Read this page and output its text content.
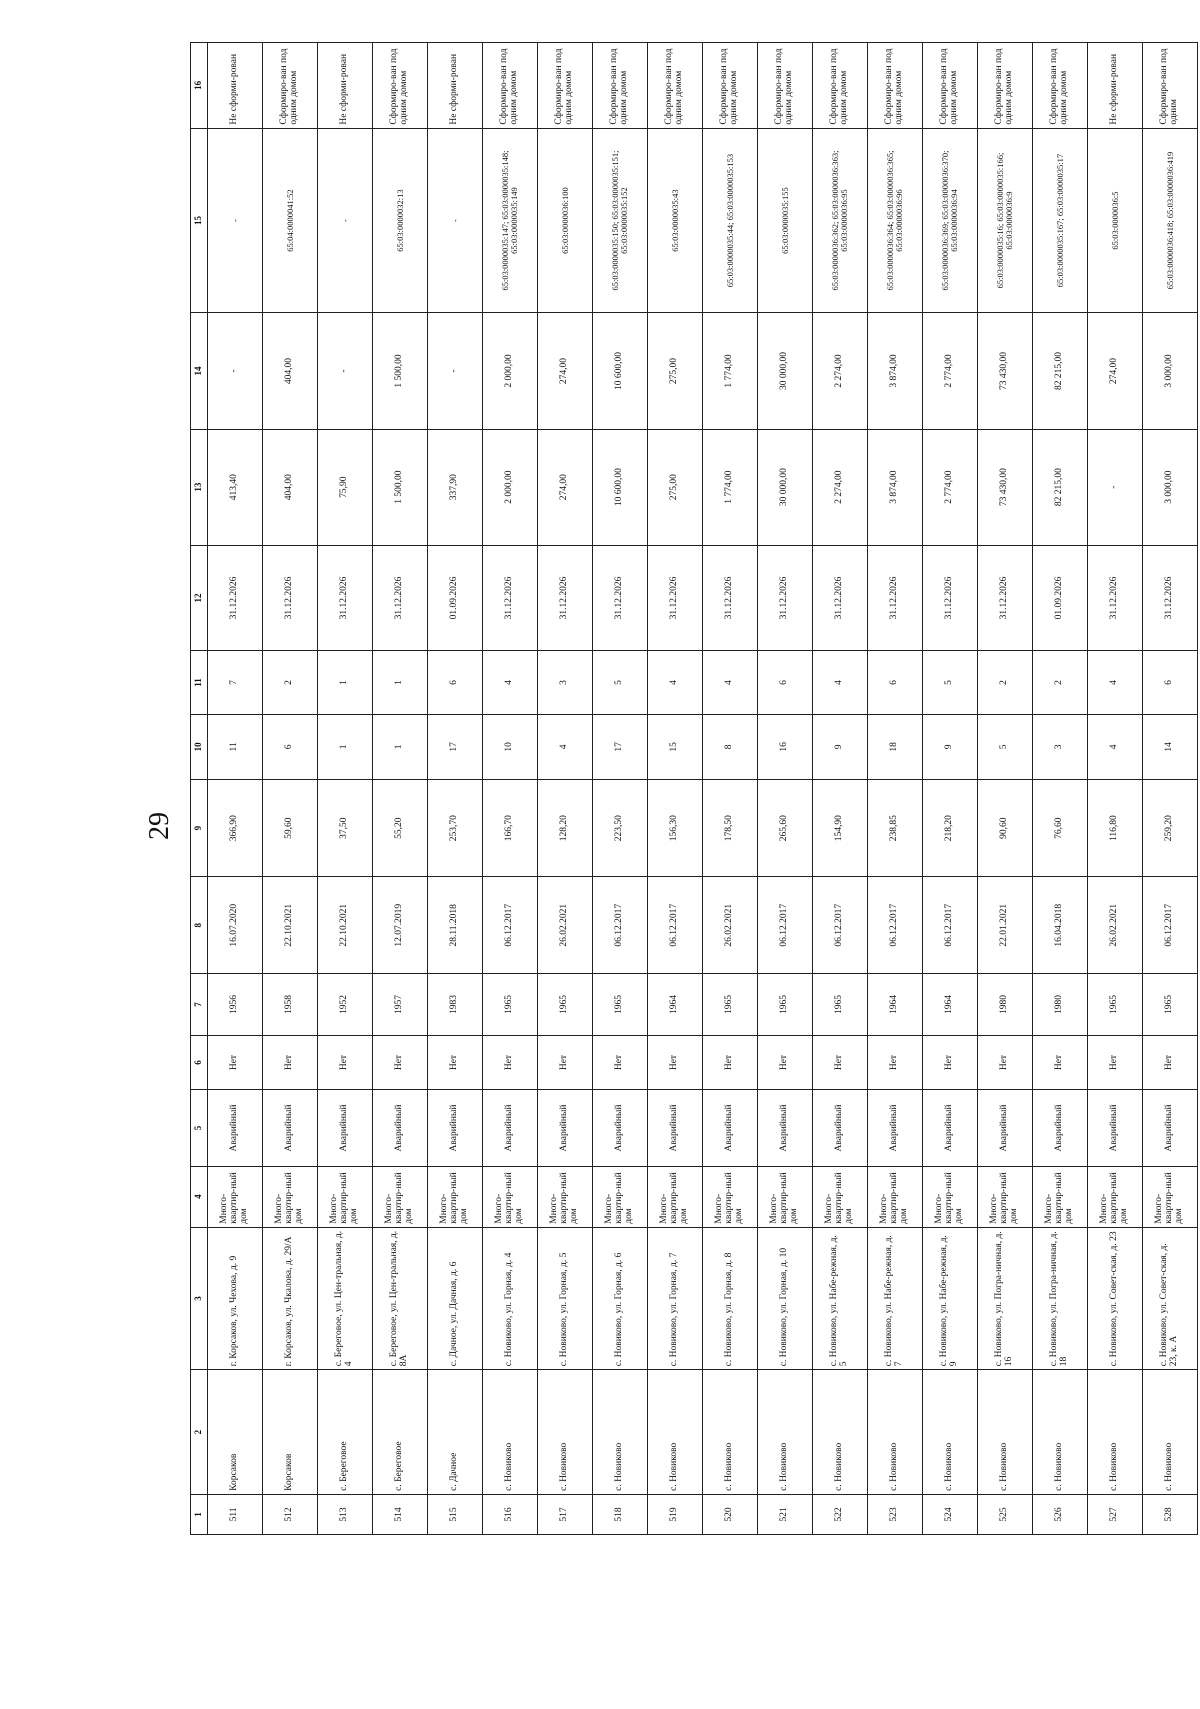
29
1	2	3	4	5	6	7	8	9	10	11	12	13	14	15	16
511	Корсаков	г. Корсаков, ул. Чехова, д. 9	Много-квартир-ный дом	Аварийный	Нет	1956	16.07.2020	366,90	11	7	31.12.2026	413,40	-	-	Не сформи-рован
512	Корсаков	г. Корсаков, ул. Чкалова, д. 29/А	Много-квартир-ный дом	Аварийный	Нет	1958	22.10.2021	59,60	6	2	31.12.2026	404,00	404,00	65:04:0000041:52	Сформиро-ван под одним домом
513	с. Береговое	с. Береговое, ул. Цен-тральная, д. 4	Много-квартир-ный дом	Аварийный	Нет	1952	22.10.2021	37,50	1	1	31.12.2026	75,90	-	-	Не сформи-рован
514	с. Береговое	с. Береговое, ул. Цен-тральная, д. 8А	Много-квартир-ный дом	Аварийный	Нет	1957	12.07.2019	55,20	1	1	31.12.2026	1 500,00	1 500,00	65:03:0000032:13	Сформиро-ван под одним домом
515	с. Дачное	с. Дачное, ул. Дачная, д. 6	Много-квартир-ный дом	Аварийный	Нет	1983	28.11.2018	253,70	17	6	01.09.2026	337,90	-	-	Не сформи-рован
516	с. Новиково	с. Новиково, ул. Горная, д. 4	Много-квартир-ный дом	Аварийный	Нет	1965	06.12.2017	166,70	10	4	31.12.2026	2 000,00	2 000,00	65:03:0000035:147; 65:03:0000035:148; 65:03:0000035:149	Сформиро-ван под одним домом
517	с. Новиково	с. Новиково, ул. Горная, д. 5	Много-квартир-ный дом	Аварийный	Нет	1965	26.02.2021	128,20	4	3	31.12.2026	274,00	274,00	65:03:0000036:100	Сформиро-ван под одним домом
518	с. Новиково	с. Новиково, ул. Горная, д. 6	Много-квартир-ный дом	Аварийный	Нет	1965	06.12.2017	223,50	17	5	31.12.2026	10 600,00	10 600,00	65:03:0000035:150; 65:03:0000035:151; 65:03:0000035:152	Сформиро-ван под одним домом
519	с. Новиково	с. Новиково, ул. Горная, д. 7	Много-квартир-ный дом	Аварийный	Нет	1964	06.12.2017	156,30	15	4	31.12.2026	275,00	275,00	65:03:0000035:43	Сформиро-ван под одним домом
520	с. Новиково	с. Новиково, ул. Горная, д. 8	Много-квартир-ный дом	Аварийный	Нет	1965	26.02.2021	178,50	8	4	31.12.2026	1 774,00	1 774,00	65:03:0000035:44; 65:03:0000035:153	Сформиро-ван под одним домом
521	с. Новиково	с. Новиково, ул. Горная, д. 10	Много-квартир-ный дом	Аварийный	Нет	1965	06.12.2017	265,60	16	6	31.12.2026	30 000,00	30 000,00	65:03:0000035:155	Сформиро-ван под одним домом
522	с. Новиково	с. Новиково, ул. Набе-режная, д. 5	Много-квартир-ный дом	Аварийный	Нет	1965	06.12.2017	154,90	9	4	31.12.2026	2 274,00	2 274,00	65:03:0000036:362; 65:03:0000036:363; 65:03:0000036:95	Сформиро-ван под одним домом
523	с. Новиково	с. Новиково, ул. Набе-режная, д. 7	Много-квартир-ный дом	Аварийный	Нет	1964	06.12.2017	238,85	18	6	31.12.2026	3 874,00	3 874,00	65:03:0000036:364; 65:03:0000036:365; 65:03:0000036:96	Сформиро-ван под одним домом
524	с. Новиково	с. Новиково, ул. Набе-режная, д. 9	Много-квартир-ный дом	Аварийный	Нет	1964	06.12.2017	218,20	9	5	31.12.2026	2 774,00	2 774,00	65:03:0000036:369; 65:03:0000036:370; 65:03:0000036:94	Сформиро-ван под одним домом
525	с. Новиково	с. Новиково, ул. Погра-ничная, д. 16	Много-квартир-ный дом	Аварийный	Нет	1980	22.01.2021	90,60	5	2	31.12.2026	73 430,00	73 430,00	65:03:0000035:16; 65:03:0000035:166; 65:03:0000036:9	Сформиро-ван под одним домом
526	с. Новиково	с. Новиково, ул. Погра-ничная, д. 18	Много-квартир-ный дом	Аварийный	Нет	1980	16.04.2018	76,60	3	2	01.09.2026	82 215,00	82 215,00	65:03:0000035:167; 65:03:0000035:17	Сформиро-ван под одним домом
527	с. Новиково	с. Новиково, ул. Совет-ская, д. 23	Много-квартир-ный дом	Аварийный	Нет	1965	26.02.2021	116,80	4	4	31.12.2026	-	274,00	65:03:0000036:5	Не сформи-рован
528	с. Новиково	с. Новиково, ул. Совет-ская, д. 23, к. А	Много-квартир-ный дом	Аварийный	Нет	1965	06.12.2017	259,20	14	6	31.12.2026	3 000,00	3 000,00	65:03:0000036:418; 65:03:0000036:419	Сформиро-ван под одним
